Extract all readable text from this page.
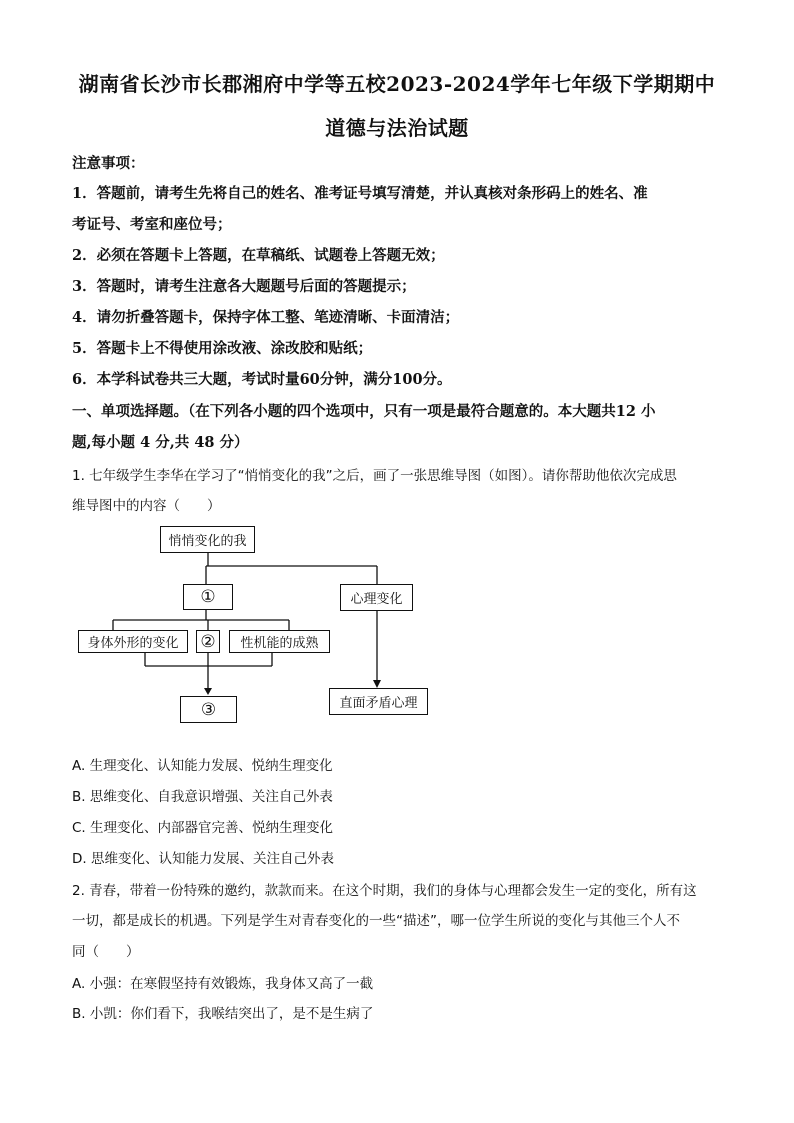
湖南省长沙市长郡湘府中学等五校2023-2024学年七年级下学期期中
道德与法治试题
注意事项：
1．答题前，请考生先将自己的姓名、准考证号填写清楚，并认真核对条形码上的姓名、准
考证号、考室和座位号；
2．必须在答题卡上答题，在草稿纸、试题卷上答题无效；
3．答题时，请考生注意各大题题号后面的答题提示；
4．请勿折叠答题卡，保持字体工整、笔迹清晰、卡面清洁；
5．答题卡上不得使用涂改液、涂改胶和贴纸；
6．本学科试卷共三大题，考试时量60分钟，满分100分。
一、单项选择题。（在下列各小题的四个选项中，只有一项是最符合题意的。本大题共12 小
题,每小题 4 分,共 48 分）
1. 七年级学生李华在学习了“悄悄变化的我”之后，画了一张思维导图（如图）。请你帮助他依次完成思
维导图中的内容（　　）
悄悄变化的我
①	心理变化
身体外形的变化	②	性机能的成熟
③	直面矛盾心理
A. 生理变化、认知能力发展、悦纳生理变化
B. 思维变化、自我意识增强、关注自己外表
C. 生理变化、内部器官完善、悦纳生理变化
D. 思维变化、认知能力发展、关注自己外表
2. 青春，带着一份特殊的邀约，款款而来。在这个时期，我们的身体与心理都会发生一定的变化，所有这
一切，都是成长的机遇。下列是学生对青春变化的一些“描述”，哪一位学生所说的变化与其他三个人不
同（　　）
A. 小强：在寒假坚持有效锻炼，我身体又高了一截
B. 小凯：你们看下，我喉结突出了，是不是生病了
